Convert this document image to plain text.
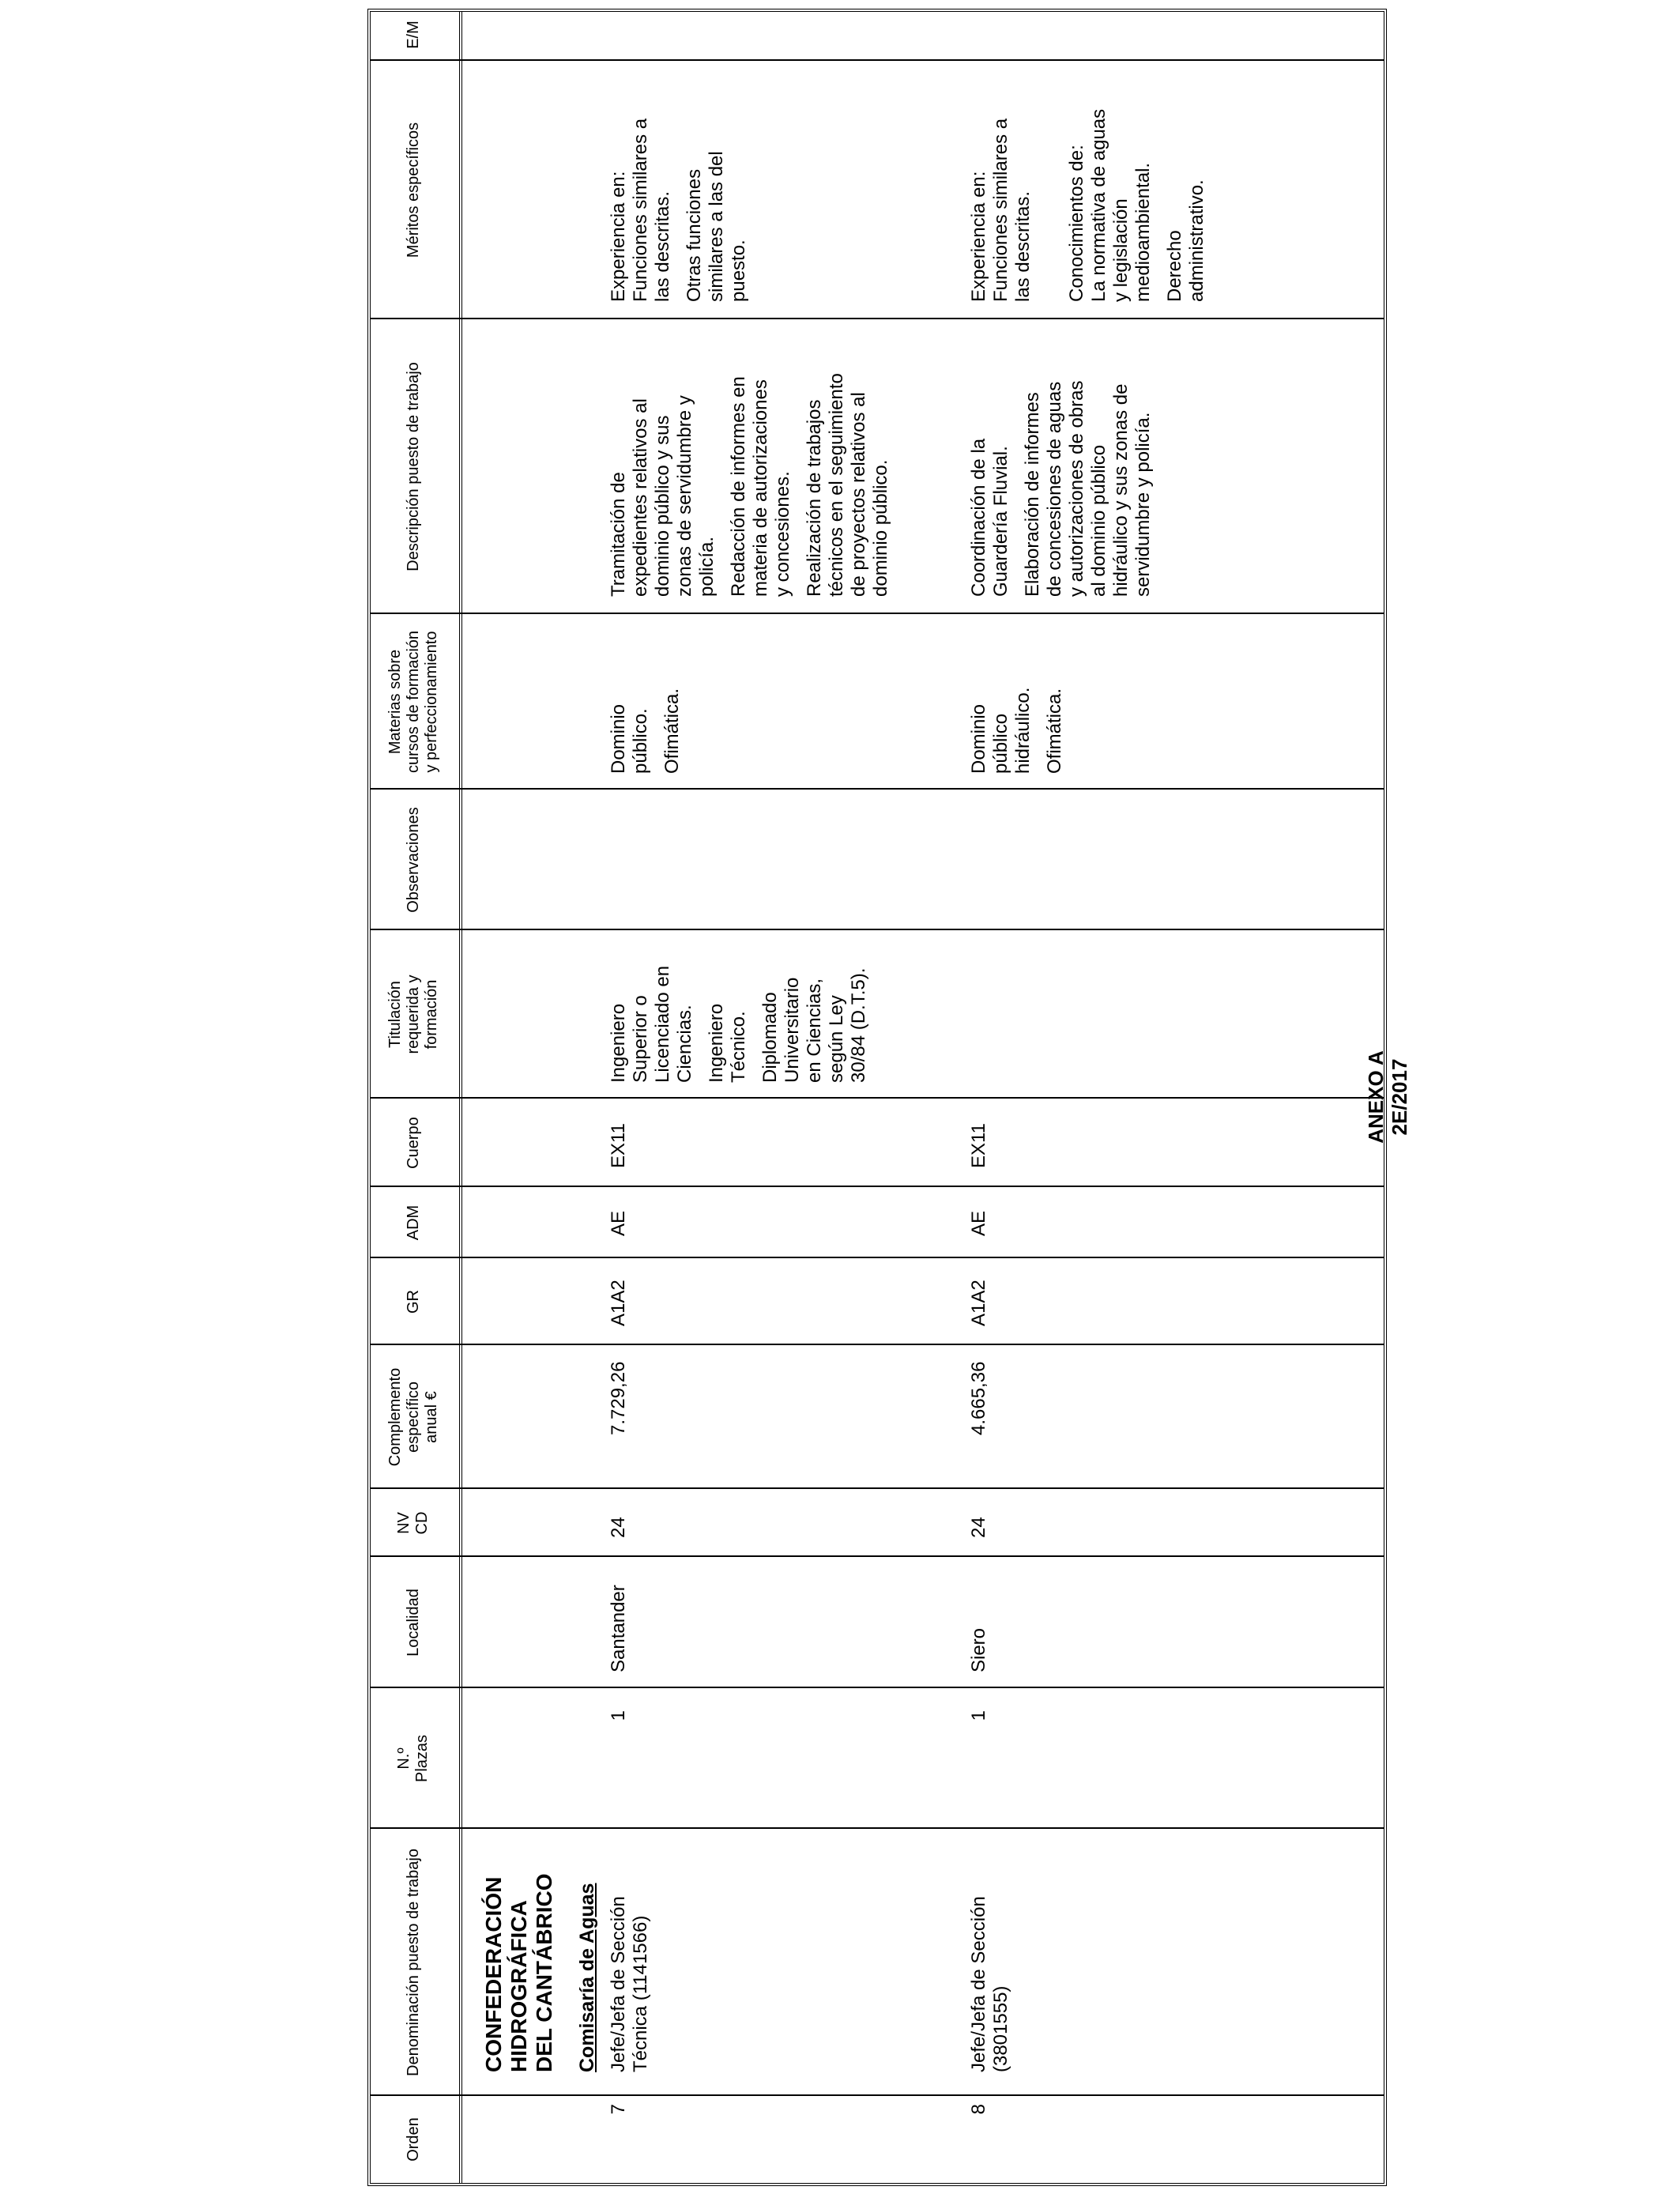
ANEXO A 2E/2017
Orden
Denominación puesto de trabajo
N.º Plazas
Localidad
NV CD
Complemento específico anual €
GR
ADM
Cuerpo
Titulación requerida y formación
Observaciones
Materias sobre cursos de formación y perfeccionamiento
Descripción puesto de trabajo
Méritos específicos
E/M
CONFEDERACIÓN HIDROGRÁFICA DEL CANTÁBRICO Comisaría de Aguas
7
Jefe/Jefa de Sección Técnica (1141566)
1
Santander
24
7.729,26
A1A2
AE
EX11

Ingeniero
Superior o
Licenciado en
Ciencias. Ingeniero
Técnico. Diplomado
Universitario
en Ciencias,
según Ley
30/84 (D.T.5).

Dominio
público. Ofimática.

Tramitación de
expedientes relativos al
dominio público y sus
zonas de servidumbre y
policía. Redacción de informes en
materia de autorizaciones
y concesiones. Realización de trabajos
técnicos en el seguimiento
de proyectos relativos al
dominio público.

Experiencia en:
Funciones similares a
las descritas. Otras funciones
similares a las del
puesto.

8
Jefe/Jefa de Sección (3801555)
1
Siero
24
4.665,36
A1A2
AE
EX11

Dominio
público
hidráulico. Ofimática.

Coordinación de la
Guardería Fluvial. Elaboración de informes
de concesiones de aguas
y autorizaciones de obras
al dominio público
hidráulico y sus zonas de
servidumbre y policía.

Experiencia en:
Funciones similares a
las descritas. Conocimientos de:
La normativa de aguas
y legislación
medioambiental. Derecho
administrativo.
